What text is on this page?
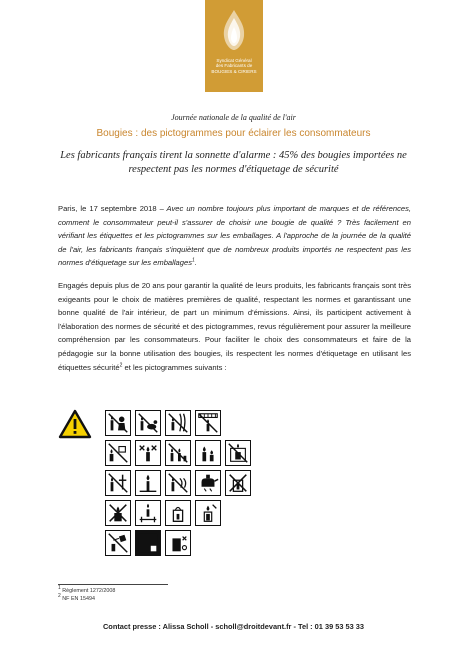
Syndicat Général
des Fabricants de
BOUGIES & CIRIERS
Journée nationale de la qualité de l'air
Bougies : des pictogrammes pour éclairer les consommateurs
Les fabricants français tirent la sonnette d'alarme : 45% des bougies importées ne respectent pas les normes d'étiquetage de sécurité
Paris, le 17 septembre 2018 – Avec un nombre toujours plus important de marques et de références, comment le consommateur peut-il s'assurer de choisir une bougie de qualité ? Très facilement en vérifiant les étiquettes et les pictogrammes sur les emballages. A l'approche de la journée de la qualité de l'air, les fabricants français s'inquiètent que de nombreux produits importés ne respectent pas les normes d'étiquetage sur les emballages$^1$.
Engagés depuis plus de 20 ans pour garantir la qualité de leurs produits, les fabricants français sont très exigeants pour le choix de matières premières de qualité, respectant les normes et garantissant une bonne qualité de l'air intérieur, de part un minimum d'émissions. Ainsi, ils participent activement à l'élaboration des normes de sécurité et des pictogrammes, revus régulièrement pour assurer la meilleure compréhension par les consommateurs. Pour faciliter le choix des consommateurs et faire de la pédagogie sur la bonne utilisation des bougies, ils respectent les normes d'étiquetage en utilisant les étiquettes sécurité$^2$ et les pictogrammes suivants :
$^1$ Règlement 1272/2008
$^2$ NF EN 15494
Contact presse : Alissa Scholl - scholl@droitdevant.fr - Tel : 01 39 53 53 33
